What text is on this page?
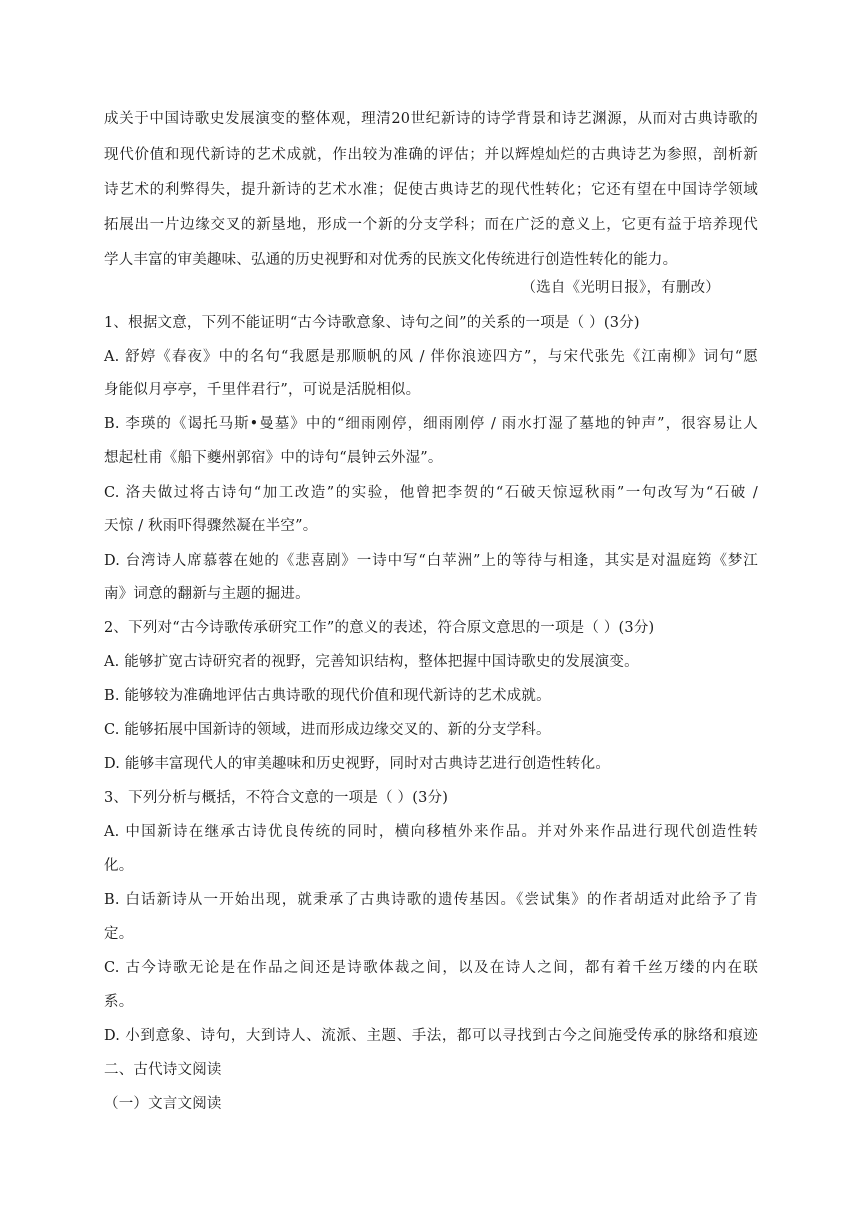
成关于中国诗歌史发展演变的整体观，理清20世纪新诗的诗学背景和诗艺渊源，从而对古典诗歌的
现代价值和现代新诗的艺术成就，作出较为准确的评估；并以辉煌灿烂的古典诗艺为参照，剖析新
诗艺术的利弊得失，提升新诗的艺术水准；促使古典诗艺的现代性转化；它还有望在中国诗学领域
拓展出一片边缘交叉的新垦地，形成一个新的分支学科；而在广泛的意义上，它更有益于培养现代
学人丰富的审美趣味、弘通的历史视野和对优秀的民族文化传统进行创造性转化的能力。
（选自《光明日报》，有删改）
1、根据文意，下列不能证明“古今诗歌意象、诗句之间”的关系的一项是（ ）(3分)
A. 舒婷《春夜》中的名句“我愿是那顺帆的风 / 伴你浪迹四方”，与宋代张先《江南柳》词句“愿
身能似月亭亭，千里伴君行”，可说是活脱相似。
B. 李瑛的《谒托马斯•曼墓》中的“细雨刚停，细雨刚停 / 雨水打湿了墓地的钟声”，很容易让人
想起杜甫《船下夔州郭宿》中的诗句“晨钟云外湿”。
C. 洛夫做过将古诗句“加工改造”的实验，他曾把李贺的“石破天惊逗秋雨”一句改写为“石破 /
天惊 / 秋雨吓得骤然凝在半空”。
D. 台湾诗人席慕蓉在她的《悲喜剧》一诗中写“白苹洲”上的等待与相逢，其实是对温庭筠《梦江
南》词意的翻新与主题的掘进。
2、下列对“古今诗歌传承研究工作”的意义的表述，符合原文意思的一项是（ ）(3分)
A. 能够扩宽古诗研究者的视野，完善知识结构，整体把握中国诗歌史的发展演变。
B. 能够较为准确地评估古典诗歌的现代价值和现代新诗的艺术成就。
C. 能够拓展中国新诗的领域，进而形成边缘交叉的、新的分支学科。
D. 能够丰富现代人的审美趣味和历史视野，同时对古典诗艺进行创造性转化。
3、下列分析与概括，不符合文意的一项是（ ）(3分)
A. 中国新诗在继承古诗优良传统的同时，横向移植外来作品。并对外来作品进行现代创造性转
化。
B. 白话新诗从一开始出现，就秉承了古典诗歌的遗传基因。《尝试集》的作者胡适对此给予了肯
定。
C. 古今诗歌无论是在作品之间还是诗歌体裁之间，以及在诗人之间，都有着千丝万缕的内在联
系。
D. 小到意象、诗句，大到诗人、流派、主题、手法，都可以寻找到古今之间施受传承的脉络和痕迹
二、古代诗文阅读
（一）文言文阅读
